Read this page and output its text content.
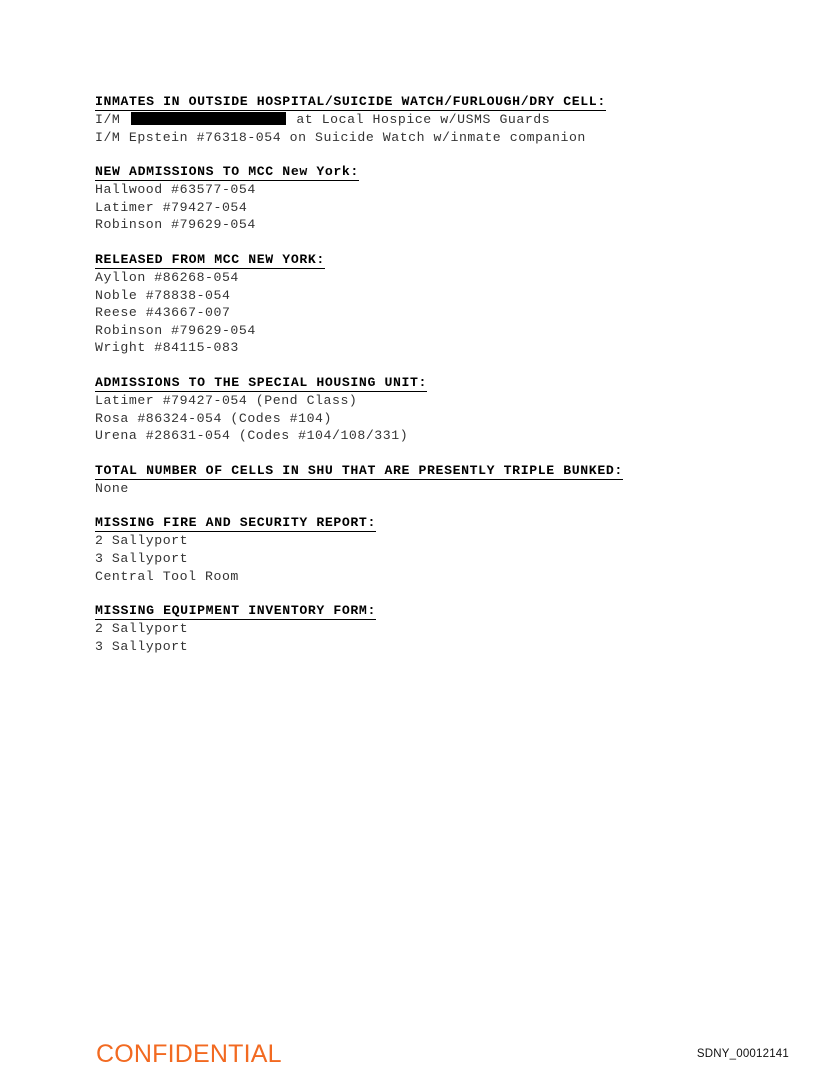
INMATES IN OUTSIDE HOSPITAL/SUICIDE WATCH/FURLOUGH/DRY CELL:
I/M	at Local Hospice w/USMS Guards
I/M Epstein #76318-054 on Suicide Watch w/inmate companion
NEW ADMISSIONS TO MCC New York:
Hallwood #63577-054
Latimer #79427-054
Robinson #79629-054
RELEASED FROM MCC NEW YORK:
Ayllon #86268-054
Noble #78838-054
Reese #43667-007
Robinson #79629-054
Wright #84115-083
ADMISSIONS TO THE SPECIAL HOUSING UNIT:
Latimer #79427-054 (Pend Class)
Rosa #86324-054 (Codes #104)
Urena #28631-054 (Codes #104/108/331)
TOTAL NUMBER OF CELLS IN SHU THAT ARE PRESENTLY TRIPLE BUNKED:
None
MISSING FIRE AND SECURITY REPORT:
2 Sallyport
3 Sallyport
Central Tool Room
MISSING EQUIPMENT INVENTORY FORM:
2 Sallyport
3 Sallyport
CONFIDENTIAL	SDNY_00012141
